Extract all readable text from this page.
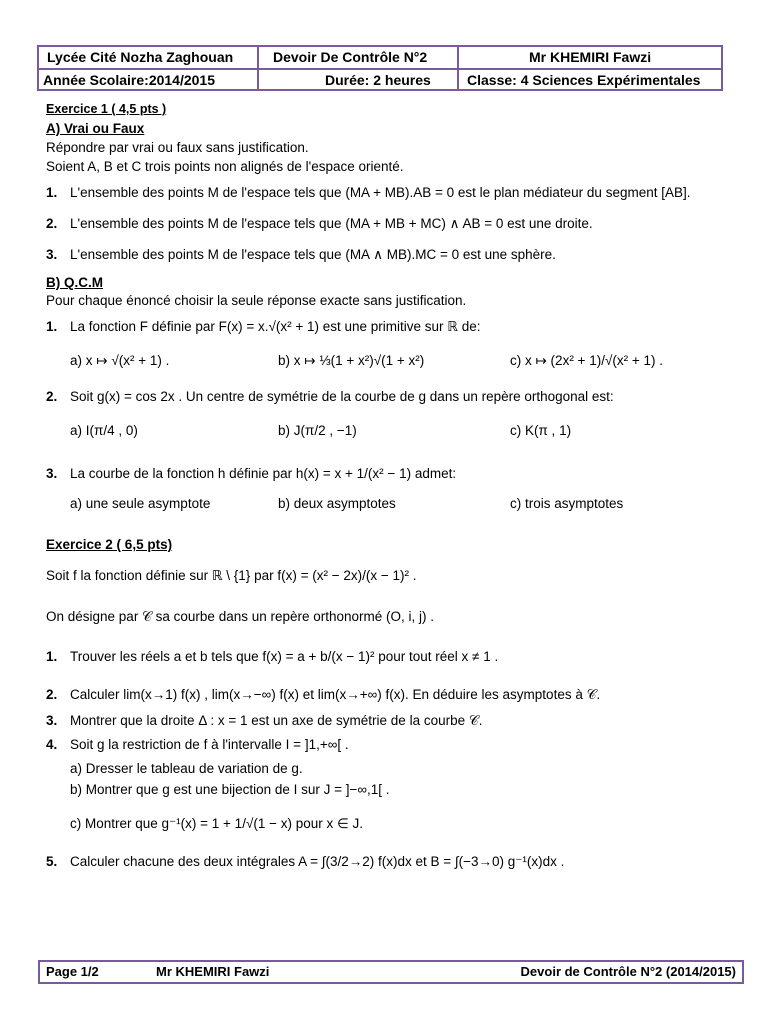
Lycée Cité Nozha Zaghouan	Devoir De Contrôle N°2	Mr KHEMIRI Fawzi
Année Scolaire:2014/2015	Durée: 2 heures	Classe: 4 Sciences Expérimentales
Exercice 1 ( 4,5 pts )
A) Vrai ou Faux
Répondre par vrai ou faux sans justification.
Soient A, B et C trois points non alignés de l'espace orienté.
1. L'ensemble des points M de l'espace tels que (MA + MB).AB = 0 est le plan médiateur du segment [AB].
2. L'ensemble des points M de l'espace tels que (MA + MB + MC) ∧ AB = 0 est une droite.
3. L'ensemble des points M de l'espace tels que (MA ∧ MB).MC = 0 est une sphère.
B) Q.C.M
Pour chaque énoncé choisir la seule réponse exacte sans justification.
1. La fonction F définie par F(x) = x.√(x² + 1) est une primitive sur ℝ de:
a) x ↦ √(x² + 1) .	b) x ↦ ⅓(1 + x²)√(1 + x²)	c) x ↦ (2x² + 1)/√(x² + 1) .
2. Soit g(x) = cos 2x . Un centre de symétrie de la courbe de g dans un repère orthogonal est:
a) I(π/4 , 0)	b) J(π/2 , −1)	c) K(π , 1)
3. La courbe de la fonction h définie par h(x) = x + 1/(x² − 1) admet:
a) une seule asymptote	b) deux asymptotes	c) trois asymptotes
Exercice 2 ( 6,5 pts)
Soit f la fonction définie sur ℝ \ {1} par f(x) = (x² − 2x)/(x − 1)² .
On désigne par 𝒞 sa courbe dans un repère orthonormé (O, i, j) .
1. Trouver les réels a et b tels que f(x) = a + b/(x − 1)² pour tout réel x ≠ 1 .
2. Calculer lim(x→1) f(x) , lim(x→−∞) f(x) et lim(x→+∞) f(x). En déduire les asymptotes à 𝒞.
3. Montrer que la droite Δ : x = 1 est un axe de symétrie de la courbe 𝒞.
4. Soit g la restriction de f à l'intervalle I = ]1,+∞[ .
a) Dresser le tableau de variation de g.
b) Montrer que g est une bijection de I sur J = ]−∞,1[ .
c) Montrer que g⁻¹(x) = 1 + 1/√(1 − x) pour x ∈ J.
5. Calculer chacune des deux intégrales A = ∫(3/2→2) f(x)dx et B = ∫(−3→0) g⁻¹(x)dx .
Page 1/2	Mr KHEMIRI Fawzi	Devoir de Contrôle N°2 (2014/2015)
